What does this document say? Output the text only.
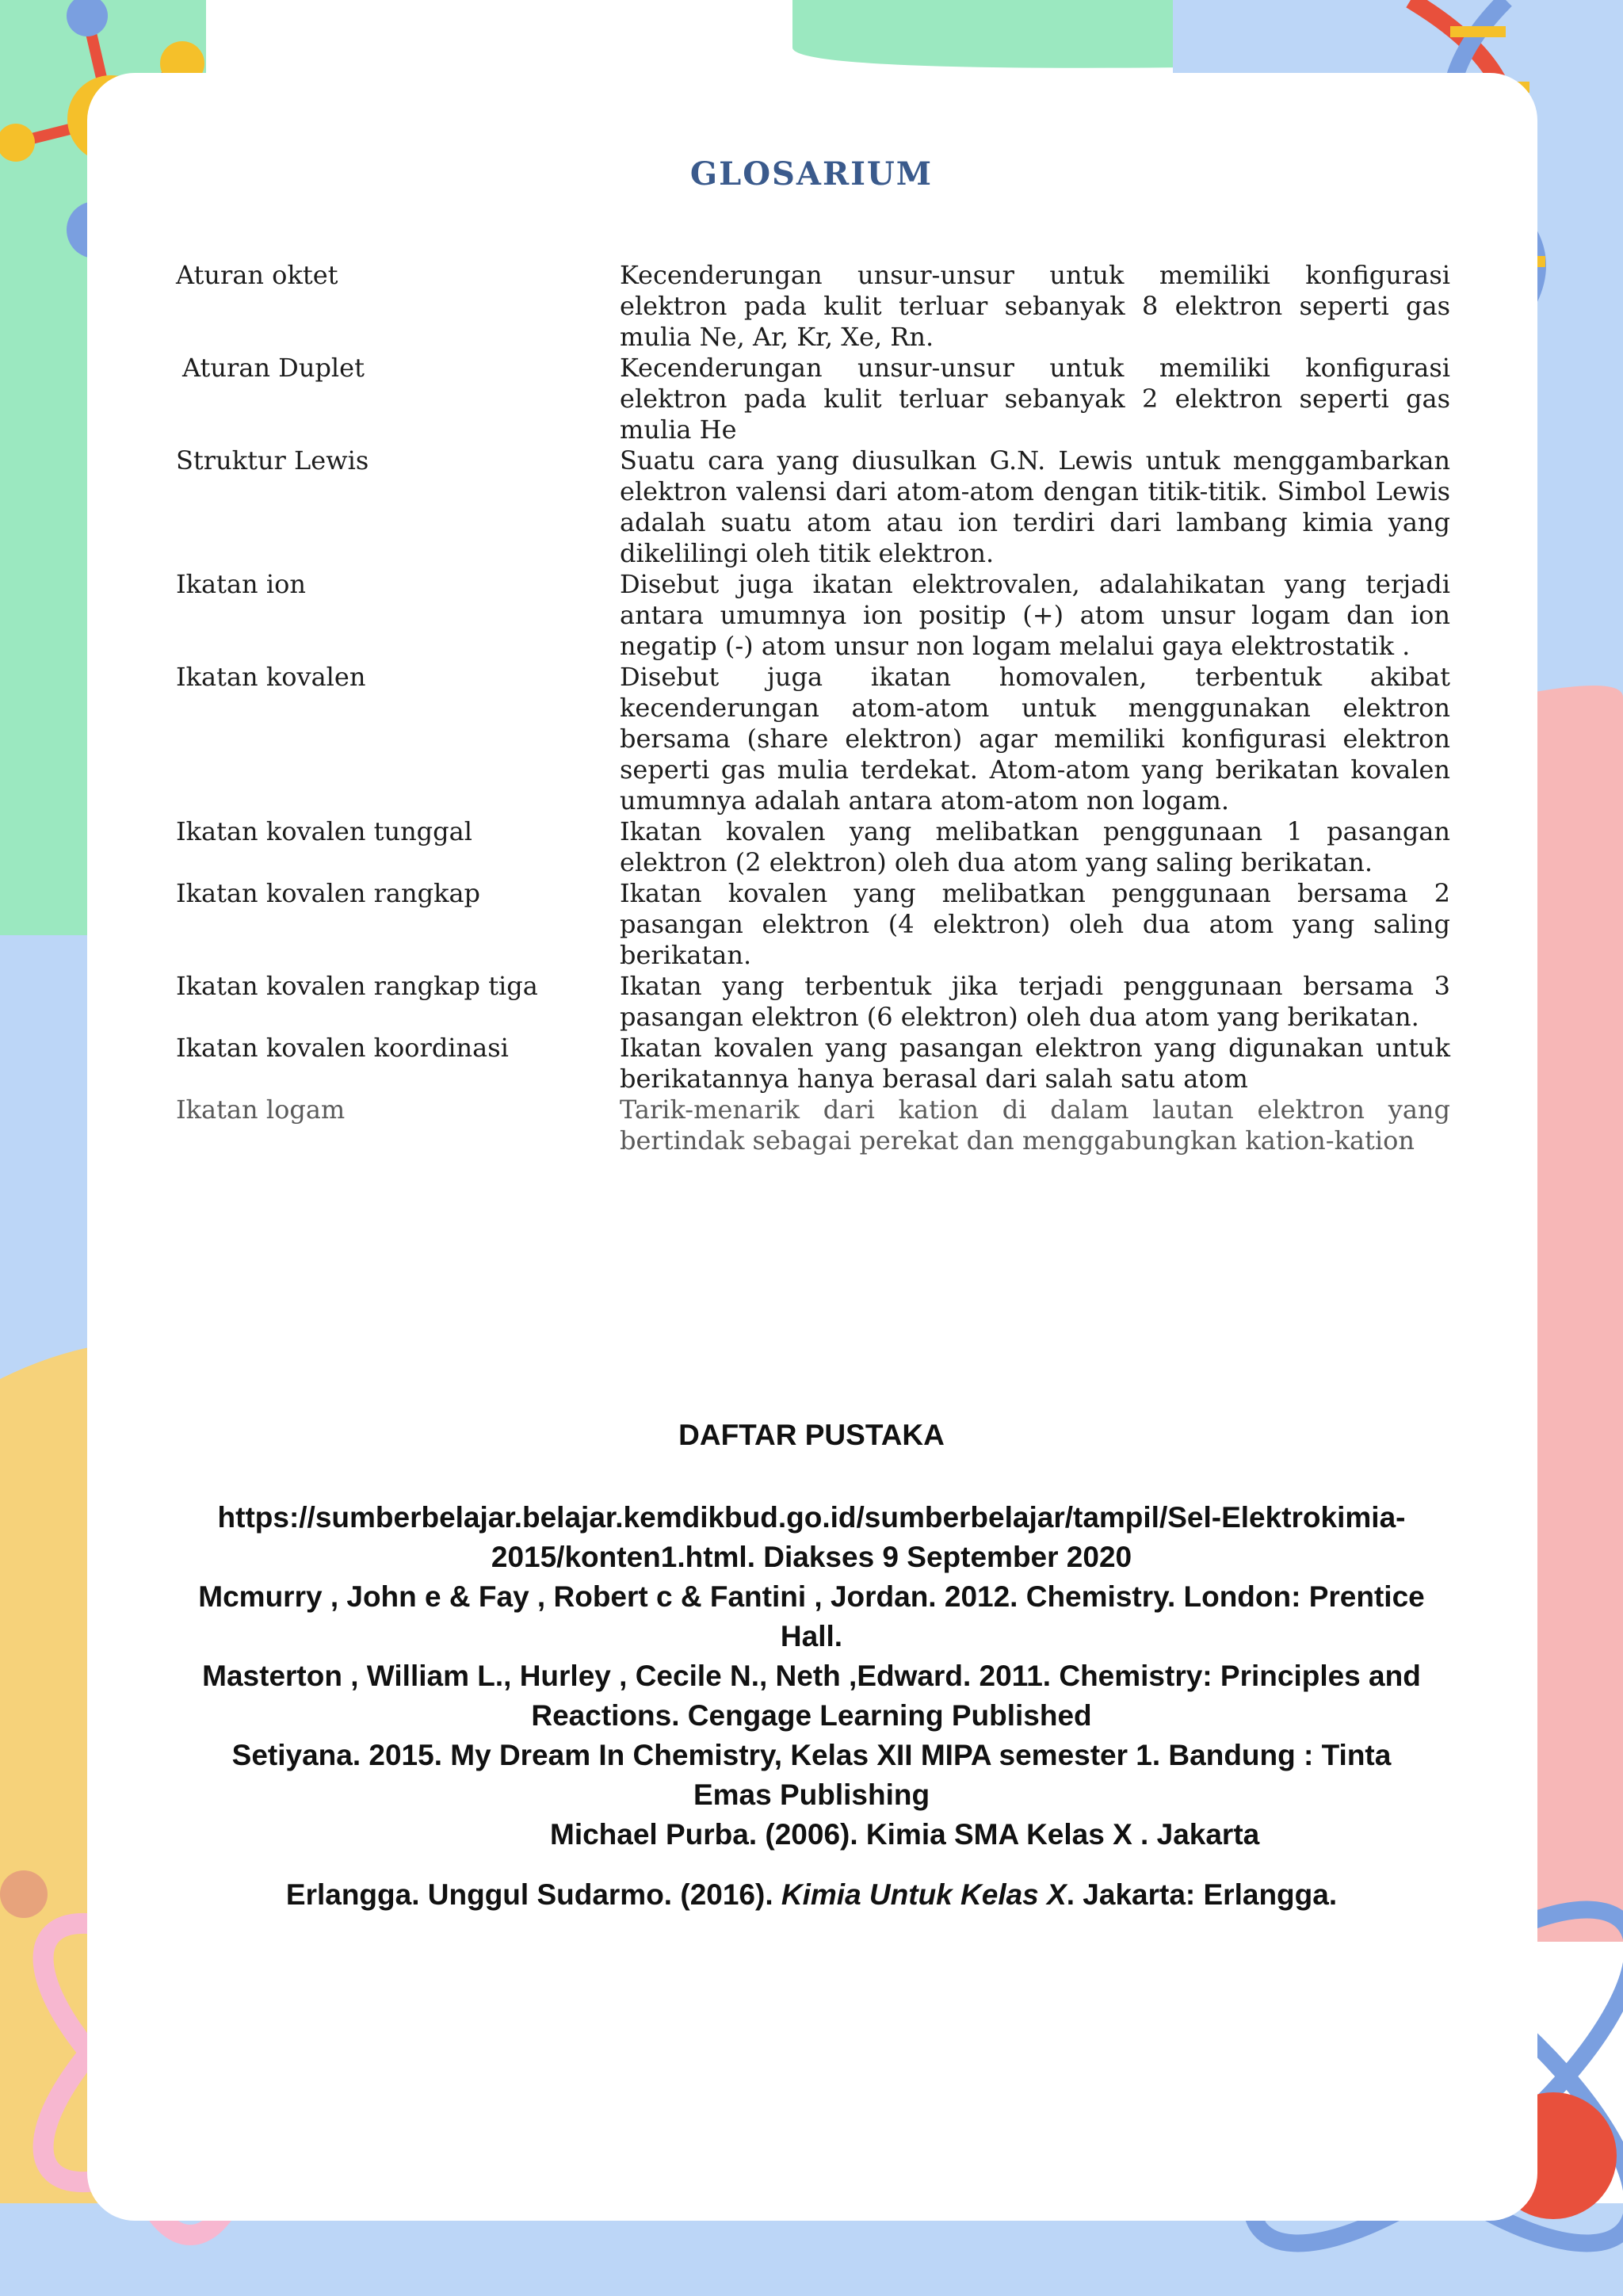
GLOSARIUM
Aturan oktet	Kecenderungan unsur-unsur untuk memiliki konfigurasi elektron pada kulit terluar sebanyak 8 elektron seperti gas mulia Ne, Ar, Kr, Xe, Rn.
Aturan Duplet	Kecenderungan unsur-unsur untuk memiliki konfigurasi elektron pada kulit terluar sebanyak 2 elektron seperti gas mulia He
Struktur Lewis	Suatu cara yang diusulkan G.N. Lewis untuk menggambarkan elektron valensi dari atom-atom dengan titik-titik. Simbol Lewis adalah suatu atom atau ion terdiri dari lambang kimia yang dikelilingi oleh titik elektron.
Ikatan ion	Disebut juga ikatan elektrovalen, adalahikatan yang terjadi antara umumnya ion positip (+) atom unsur logam dan ion negatip (-) atom unsur non logam melalui gaya elektrostatik .
Ikatan kovalen	Disebut juga ikatan homovalen, terbentuk akibat kecenderungan atom-atom untuk menggunakan elektron bersama (share elektron) agar memiliki konfigurasi elektron seperti gas mulia terdekat. Atom-atom yang berikatan kovalen umumnya adalah antara atom-atom non logam.
Ikatan kovalen tunggal	Ikatan kovalen yang melibatkan penggunaan 1 pasangan elektron (2 elektron) oleh dua atom yang saling berikatan.
Ikatan kovalen rangkap	Ikatan kovalen yang melibatkan penggunaan bersama 2 pasangan elektron (4 elektron) oleh dua atom yang saling berikatan.
Ikatan kovalen rangkap tiga	Ikatan yang terbentuk jika terjadi penggunaan bersama 3 pasangan elektron (6 elektron) oleh dua atom yang berikatan.
Ikatan kovalen koordinasi	Ikatan kovalen yang pasangan elektron yang digunakan untuk berikatannya hanya berasal dari salah satu atom
Ikatan logam	Tarik-menarik dari kation di dalam lautan elektron yang bertindak sebagai perekat dan menggabungkan kation-kation
DAFTAR PUSTAKA
https://sumberbelajar.belajar.kemdikbud.go.id/sumberbelajar/tampil/Sel-Elektrokimia-2015/konten1.html. Diakses 9 September 2020
Mcmurry , John e & Fay , Robert c & Fantini , Jordan. 2012. Chemistry. London: Prentice Hall.
Masterton , William L., Hurley , Cecile N., Neth ,Edward. 2011. Chemistry: Principles and Reactions. Cengage Learning Published
Setiyana. 2015. My Dream In Chemistry, Kelas XII MIPA semester 1. Bandung : Tinta Emas Publishing
Michael Purba. (2006). Kimia SMA Kelas X . Jakarta
Erlangga. Unggul Sudarmo. (2016). Kimia Untuk Kelas X. Jakarta: Erlangga.
